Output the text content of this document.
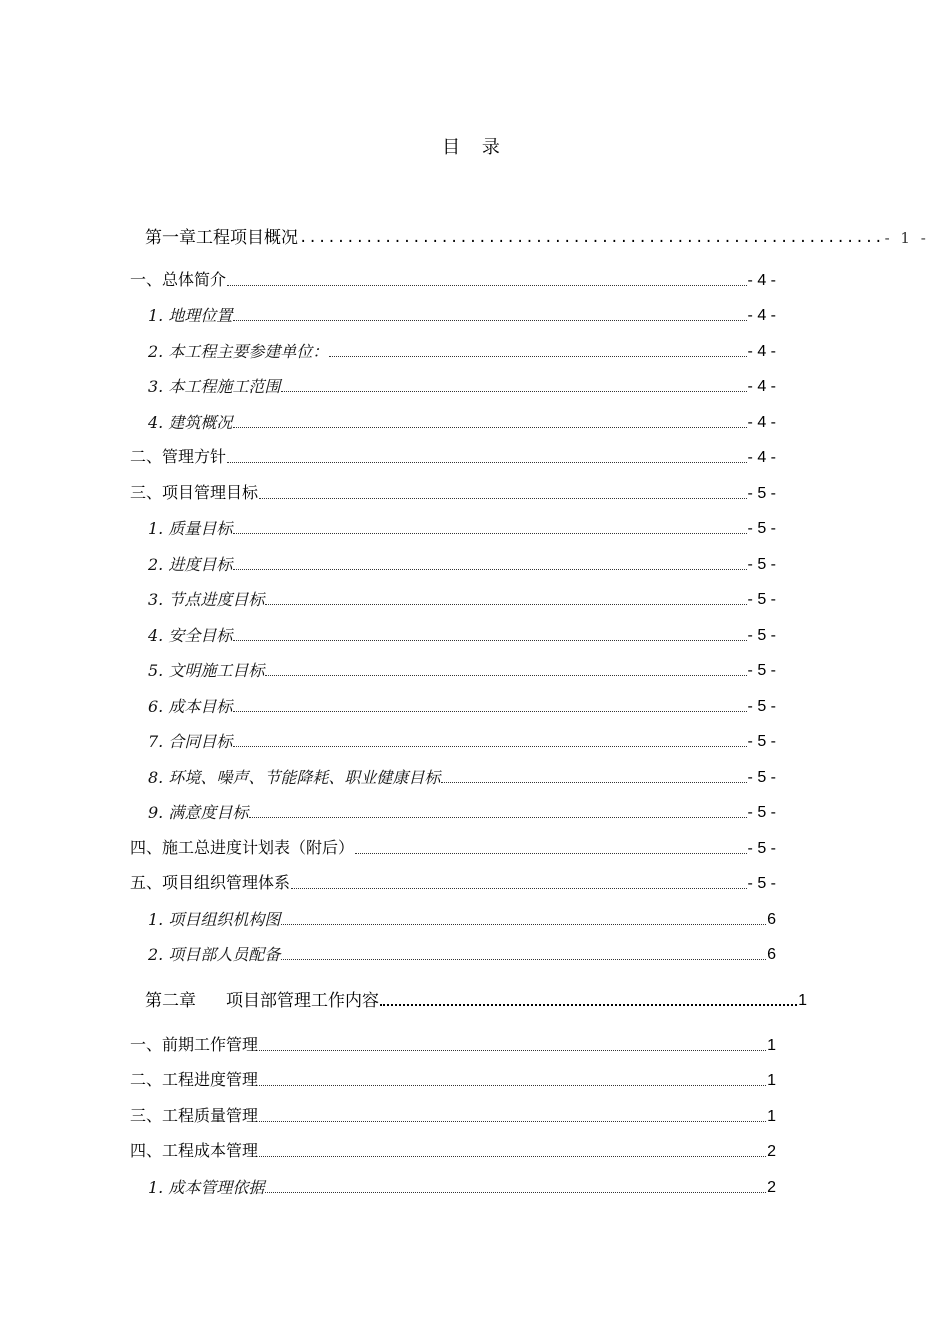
目 录
第一章 工程项目概况 .............................................................. - 1 -
一、总体简介	- 4 -
1. 地理位置	- 4 -
2. 本工程主要参建单位：	- 4 -
3. 本工程施工范围	- 4 -
4. 建筑概况	- 4 -
二、管理方针	- 4 -
三、项目管理目标	- 5 -
1. 质量目标	- 5 -
2. 进度目标	- 5 -
3. 节点进度目标	- 5 -
4. 安全目标	- 5 -
5. 文明施工目标	- 5 -
6. 成本目标	- 5 -
7. 合同目标	- 5 -
8. 环境、噪声、节能降耗、职业健康目标	- 5 -
9. 满意度目标	- 5 -
四、施工总进度计划表（附后）	- 5 -
五、项目组织管理体系	- 5 -
1. 项目组织机构图	6
2. 项目部人员配备	6
第二章 项目部管理工作内容	1
一、前期工作管理	1
二、工程进度管理	1
三、工程质量管理	1
四、工程成本管理	2
1. 成本管理依据	2
